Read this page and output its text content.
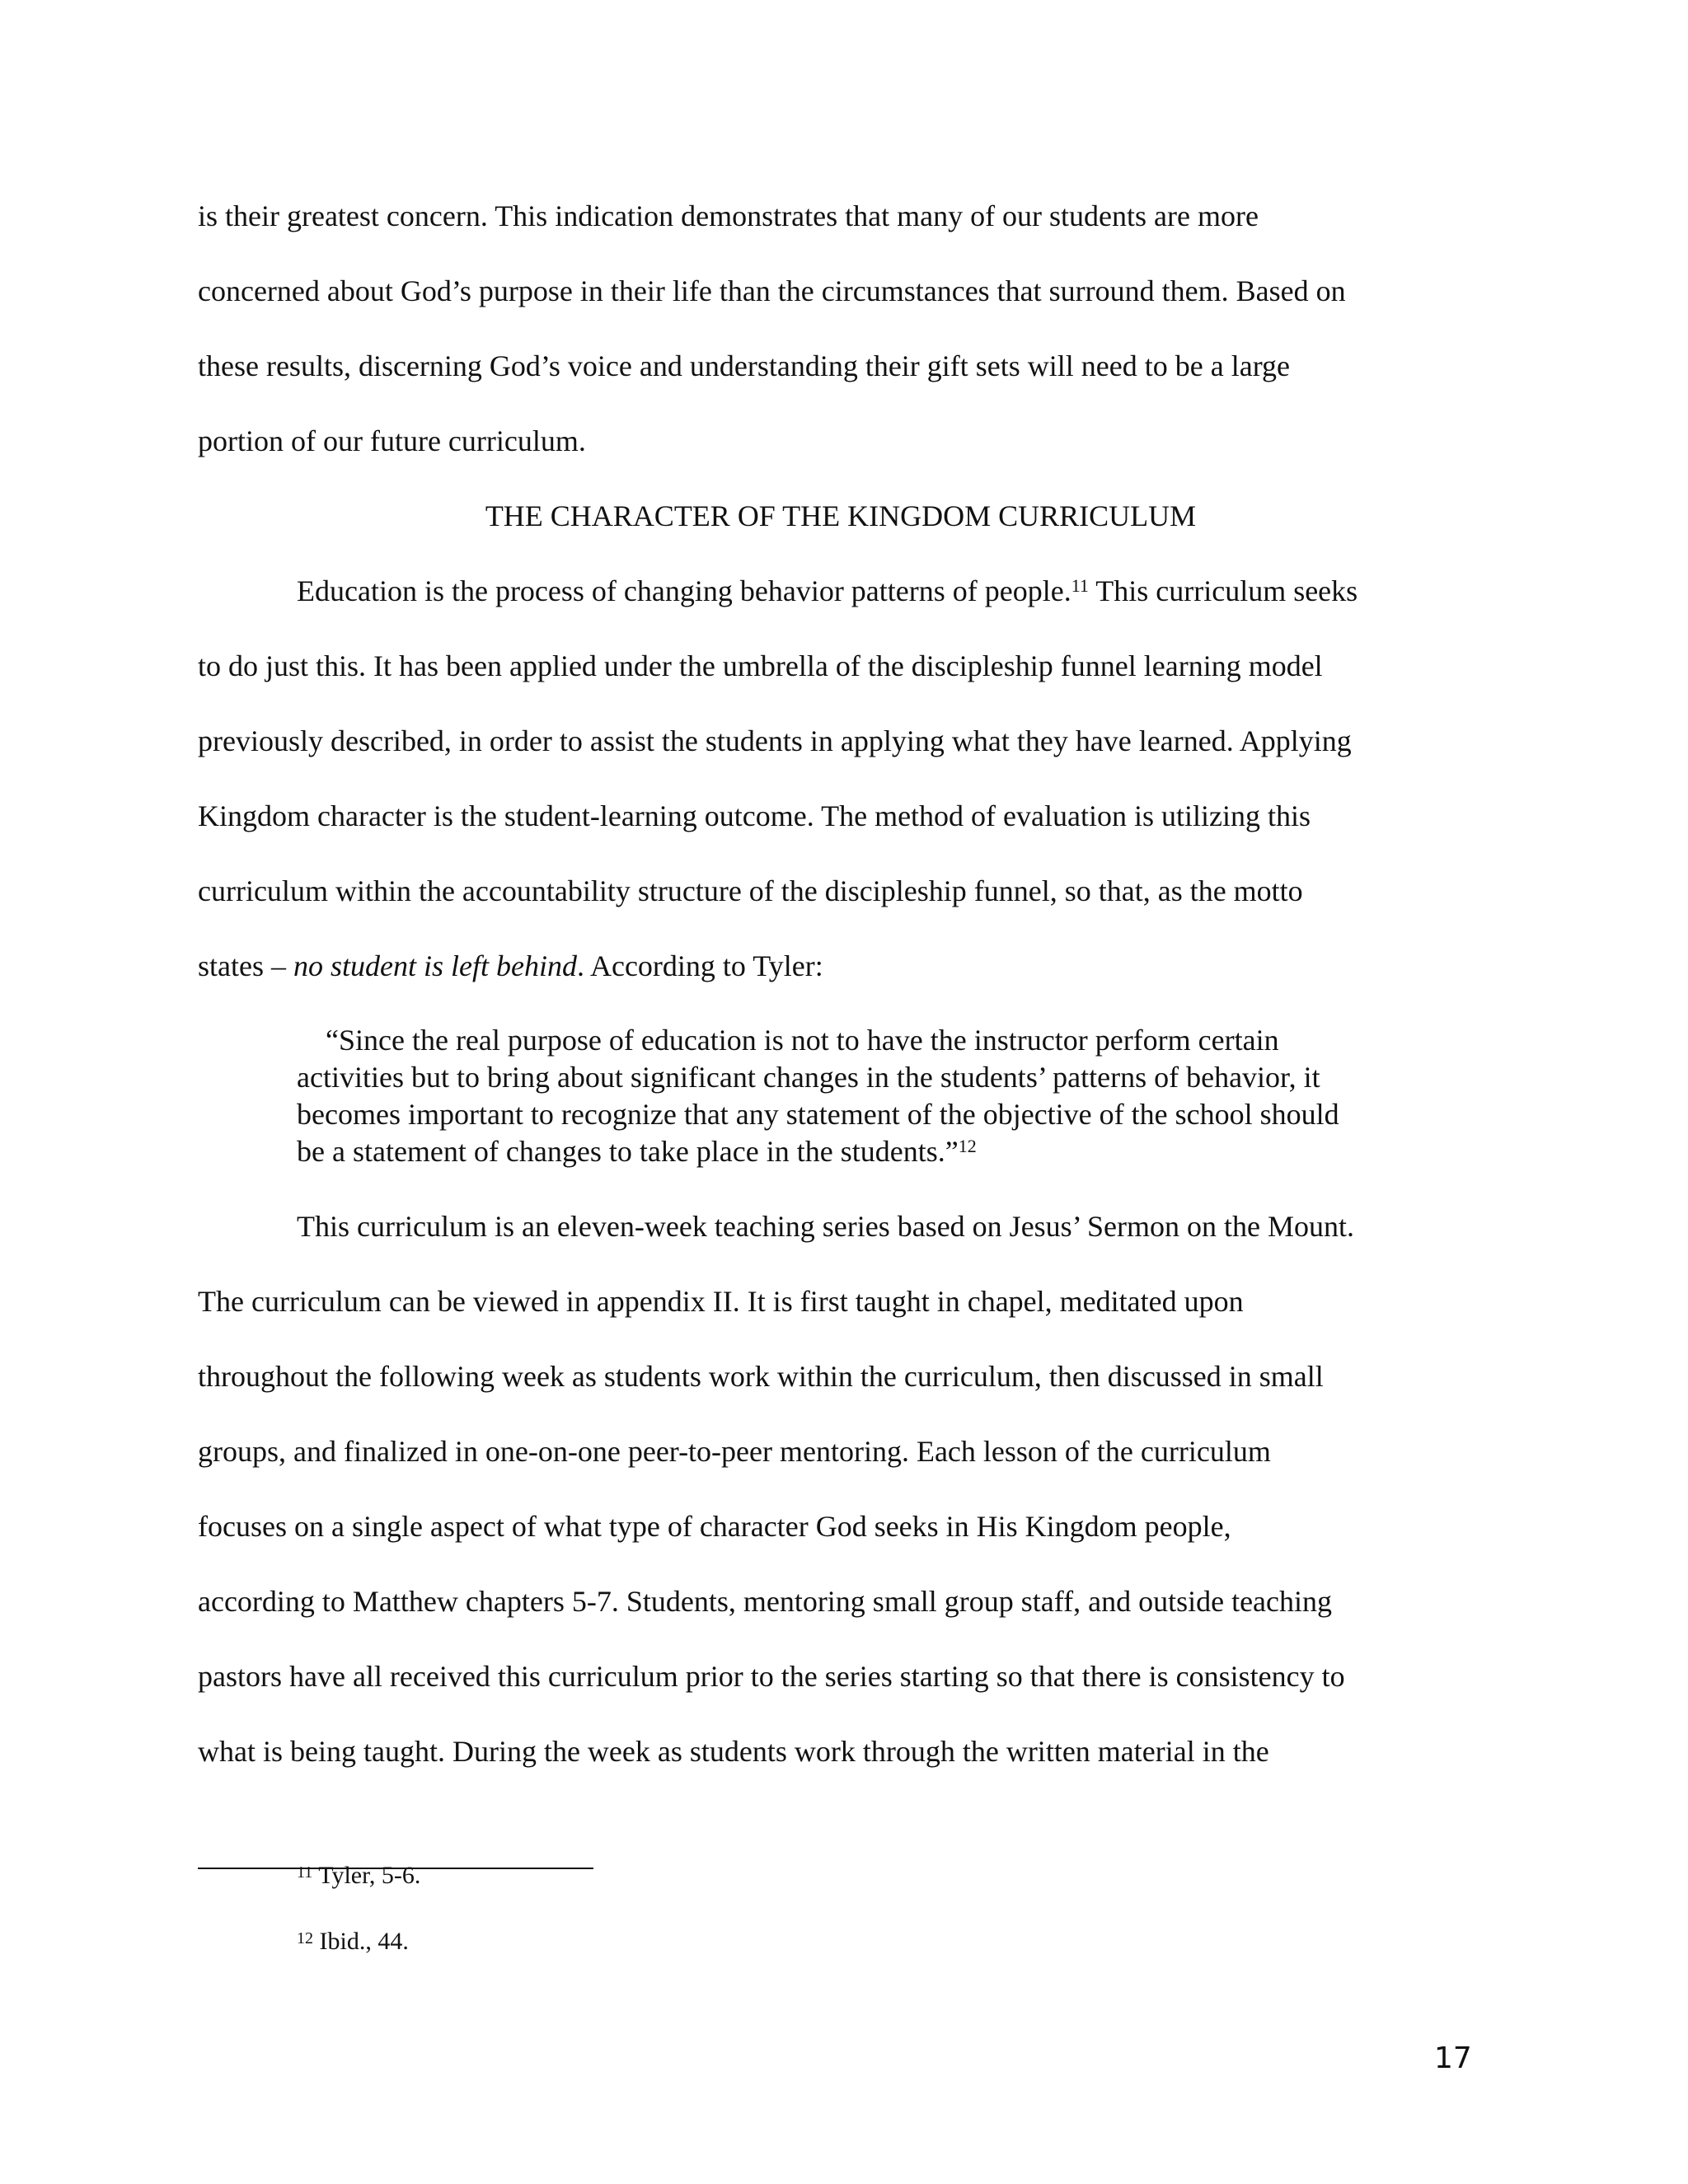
is their greatest concern. This indication demonstrates that many of our students are more
concerned about God’s purpose in their life than the circumstances that surround them. Based on
these results, discerning God’s voice and understanding their gift sets will need to be a large
portion of our future curriculum.
THE CHARACTER OF THE KINGDOM CURRICULUM
Education is the process of changing behavior patterns of people.$^{11}$ This curriculum seeks
to do just this. It has been applied under the umbrella of the discipleship funnel learning model
previously described, in order to assist the students in applying what they have learned. Applying
Kingdom character is the student-learning outcome. The method of evaluation is utilizing this
curriculum within the accountability structure of the discipleship funnel, so that, as the motto
states – no student is left behind. According to Tyler:
“Since the real purpose of education is not to have the instructor perform certain
activities but to bring about significant changes in the students’ patterns of behavior, it
becomes important to recognize that any statement of the objective of the school should
be a statement of changes to take place in the students.”$^{12}$
This curriculum is an eleven-week teaching series based on Jesus’ Sermon on the Mount.
The curriculum can be viewed in appendix II. It is first taught in chapel, meditated upon
throughout the following week as students work within the curriculum, then discussed in small
groups, and finalized in one-on-one peer-to-peer mentoring. Each lesson of the curriculum
focuses on a single aspect of what type of character God seeks in His Kingdom people,
according to Matthew chapters 5-7. Students, mentoring small group staff, and outside teaching
pastors have all received this curriculum prior to the series starting so that there is consistency to
what is being taught. During the week as students work through the written material in the
$^{11}$ Tyler, 5-6.
$^{12}$ Ibid., 44.
17
